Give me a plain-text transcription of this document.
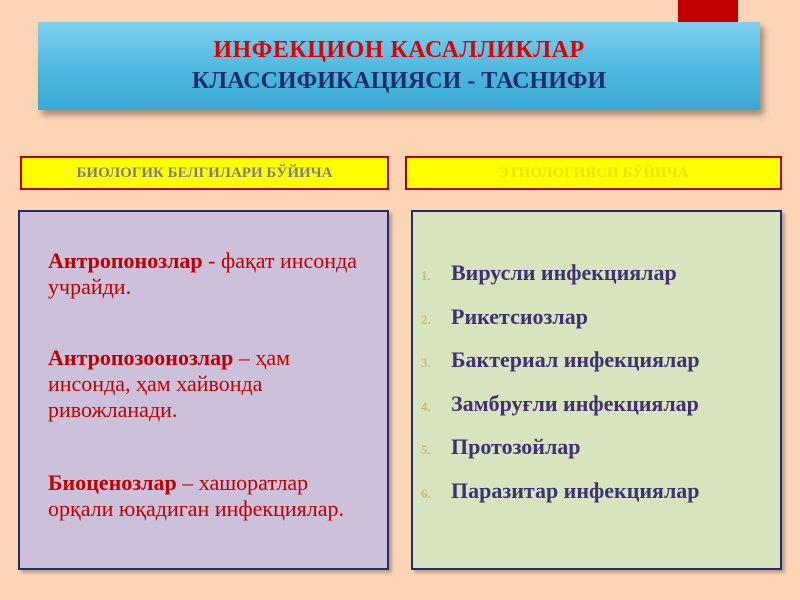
ИНФЕКЦИОН КАСАЛЛИКЛАР
КЛАССИФИКАЦИЯСИ - ТАСНИФИ
БИОЛОГИК БЕЛГИЛАРИ БЎЙИЧА	ЭТИОЛОГИЯСИ БЎЙИЧА
1. Антропонозлар - фақат инсонда учрайди.
2. Антропозоонозлар – ҳам инсонда, ҳам хайвонда ривожланади.
3. Биоценозлар – хашоратлар орқали юқадиган инфекциялар.
1. Вирусли инфекциялар
2. Рикетсиозлар
3. Бактериал инфекциялар
4. Замбруғли инфекциялар
5. Протозойлар
6. Паразитар инфекциялар
